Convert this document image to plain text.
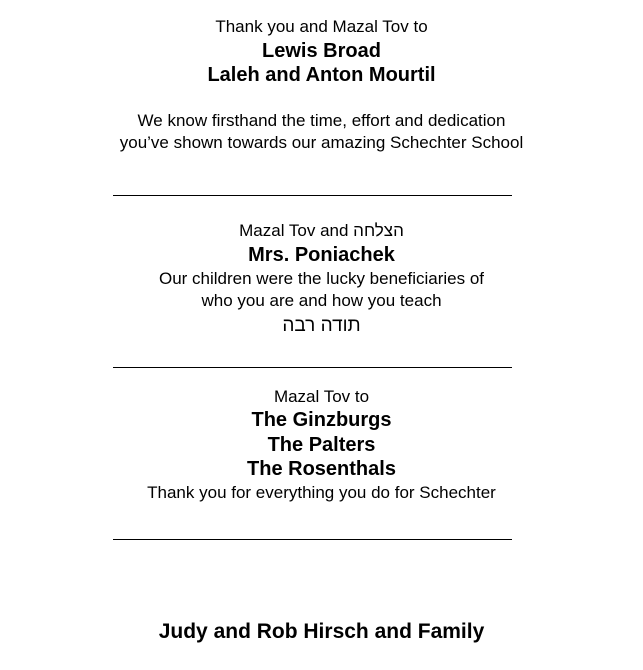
Thank you and Mazal Tov to
Lewis Broad
Laleh and Anton Mourtil
We know firsthand the time, effort and dedication
you’ve shown towards our amazing Schechter School
Mazal Tov and הצלחה
Mrs. Poniachek
Our children were the lucky beneficiaries of
who you are and how you teach
תודה רבה
Mazal Tov to
The Ginzburgs
The Palters
The Rosenthals
Thank you for everything you do for Schechter
Judy and Rob Hirsch and Family
